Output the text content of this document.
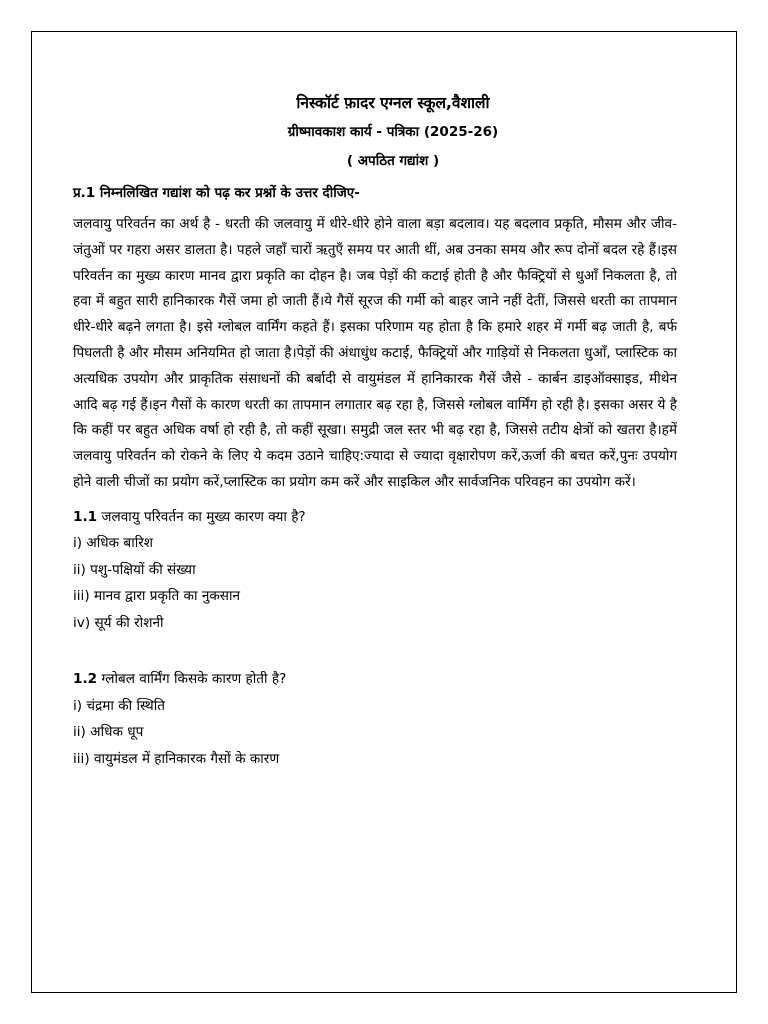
निस्कॉर्ट फ़ादर एग्नल स्कूल,वैशाली

ग्रीष्मावकाश कार्य - पत्रिका (2025-26)

( अपठित गद्यांश )

प्र.1 निम्नलिखित गद्यांश को पढ़ कर प्रश्नों के उत्तर दीजिए-

जलवायु परिवर्तन का अर्थ है - धरती की जलवायु में धीरे-धीरे होने वाला बड़ा बदलाव। यह बदलाव प्रकृति, मौसम और जीव-जंतुओं पर गहरा असर डालता है। पहले जहाँ चारों ऋतुएँ समय पर आती थीं, अब उनका समय और रूप दोनों बदल रहे हैं।इस परिवर्तन का मुख्य कारण मानव द्वारा प्रकृति का दोहन है। जब पेड़ों की कटाई होती है और फैक्ट्रियों से धुआँ निकलता है, तो हवा में बहुत सारी हानिकारक गैसें जमा हो जाती हैं।ये गैसें सूरज की गर्मी को बाहर जाने नहीं देतीं, जिससे धरती का तापमान धीरे-धीरे बढ़ने लगता है। इसे ग्लोबल वार्मिंग कहते हैं। इसका परिणाम यह होता है कि हमारे शहर में गर्मी बढ़ जाती है, बर्फ पिघलती है और मौसम अनियमित हो जाता है।पेड़ों की अंधाधुंध कटाई, फैक्ट्रियों और गाड़ियों से निकलता धुआँ, प्लास्टिक का अत्यधिक उपयोग और प्राकृतिक संसाधनों की बर्बादी से वायुमंडल में हानिकारक गैसें जैसे - कार्बन डाइऑक्साइड, मीथेन आदि बढ़ गई हैं।इन गैसों के कारण धरती का तापमान लगातार बढ़ रहा है, जिससे ग्लोबल वार्मिंग हो रही है। इसका असर ये है कि कहीं पर बहुत अधिक वर्षा हो रही है, तो कहीं सूखा। समुद्री जल स्तर भी बढ़ रहा है, जिससे तटीय क्षेत्रों को खतरा है।हमें जलवायु परिवर्तन को रोकने के लिए ये कदम उठाने चाहिए:ज्यादा से ज्यादा वृक्षारोपण करें,ऊर्जा की बचत करें,पुनः उपयोग होने वाली चीजों का प्रयोग करें,प्लास्टिक का प्रयोग कम करें और साइकिल और सार्वजनिक परिवहन का उपयोग करें।

1.1 जलवायु परिवर्तन का मुख्य कारण क्या है?

i) अधिक बारिश

ii) पशु-पक्षियों की संख्या

iii) मानव द्वारा प्रकृति का नुकसान

iv) सूर्य की रोशनी

1.2 ग्लोबल वार्मिंग किसके कारण होती है?

i) चंद्रमा की स्थिति

ii) अधिक धूप

iii) वायुमंडल में हानिकारक गैसों के कारण
